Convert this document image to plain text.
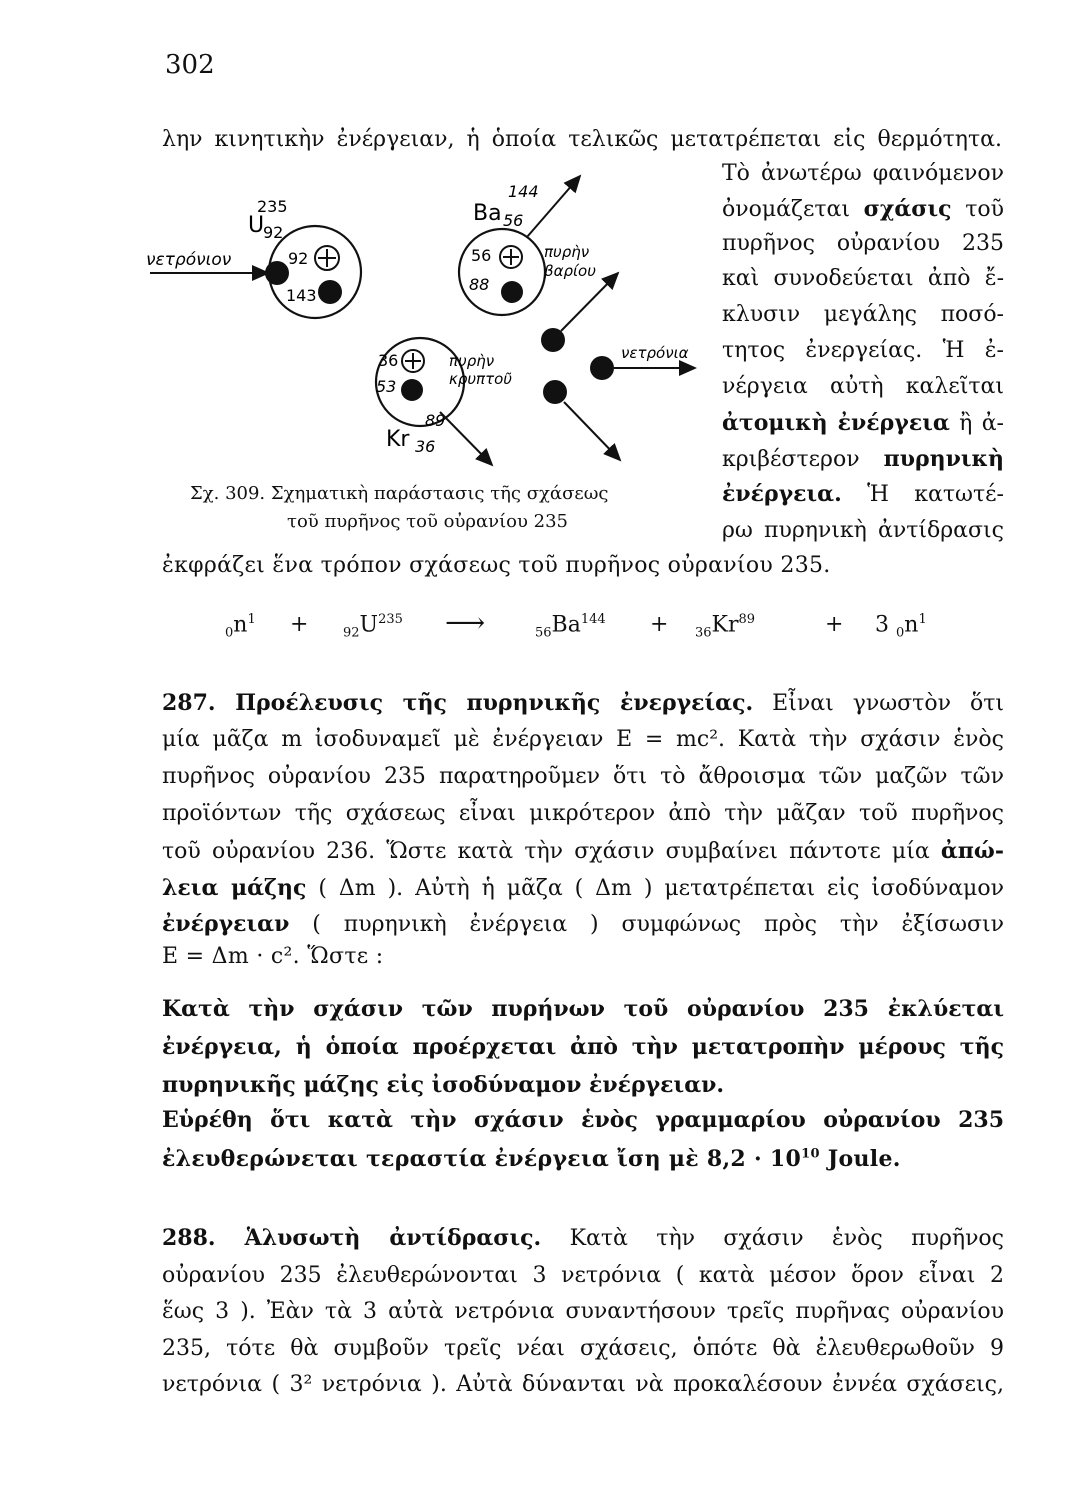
302
λην κινητικὴν ἐνέργειαν, ἡ ὁποία τελικῶς μετατρέπεται εἰς θερμότητα.
νετρόνιον
235
U
92
92
143
144
Ba 56
56
88
πυρὴν
βαρίου
36
53
πυρὴν
κρυπτοῦ
89
Kr 36
νετρόνια
Σχ. 309. Σχηματικὴ παράστασις τῆς σχάσεως
τοῦ πυρῆνος τοῦ οὐρανίου 235
Τὸ ἀνωτέρω φαινόμενον
ὀνομάζεται σχάσις τοῦ
πυρῆνος οὐρανίου 235
καὶ συνοδεύεται ἀπὸ ἔ-
κλυσιν μεγάλης ποσό-
τητος ἐνεργείας. Ἡ ἐ-
νέργεια αὐτὴ καλεῖται
ἀτομικὴ ἐνέργεια ἢ ἀ-
κριβέστερον πυρηνικὴ
ἐνέργεια. Ἡ κατωτέ-
ρω πυρηνικὴ ἀντίδρασις
ἐκφράζει ἕνα τρόπον σχάσεως τοῦ πυρῆνος οὐρανίου 235.
$_0n^1$ +	$_{92}U^{235}$ ⟶	$_{56}Ba^{144} + _{36}Kr^{89}$	+ 3 $_0n^1$
287. Προέλευσις τῆς πυρηνικῆς ἐνεργείας. Εἶναι γνωστὸν ὅτι
μία μᾶζα m ἰσοδυναμεῖ μὲ ἐνέργειαν E = mc². Κατὰ τὴν σχάσιν ἑνὸς
πυρῆνος οὐρανίου 235 παρατηροῦμεν ὅτι τὸ ἄθροισμα τῶν μαζῶν τῶν
προϊόντων τῆς σχάσεως εἶναι μικρότερον ἀπὸ τὴν μᾶζαν τοῦ πυρῆνος
τοῦ οὐρανίου 236. Ὥστε κατὰ τὴν σχάσιν συμβαίνει πάντοτε μία ἀπώ-
λεια μάζης ( Δm ). Αὐτὴ ἡ μᾶζα ( Δm ) μετατρέπεται εἰς ἰσοδύναμον
ἐνέργειαν ( πυρηνικὴ ἐνέργεια ) συμφώνως πρὸς τὴν ἐξίσωσιν
E = Δm · c². Ὥστε :
Κατὰ τὴν σχάσιν τῶν πυρήνων τοῦ οὐρανίου 235 ἐκλύεται ἐνέργεια, ἡ ὁποία προέρχεται ἀπὸ τὴν μετατροπὴν μέρους τῆς πυρηνικῆς μάζης εἰς ἰσοδύναμον ἐνέργειαν.
Εὑρέθη ὅτι κατὰ τὴν σχάσιν ἑνὸς γραμμαρίου οὐρανίου 235
ἐλευθερώνεται τεραστία ἐνέργεια ἴση μὲ $8,2 \cdot 10^{10}$ Joule.
288. Ἁλυσωτὴ ἀντίδρασις. Κατὰ τὴν σχάσιν ἑνὸς πυρῆνος
οὐρανίου 235 ἐλευθερώνονται 3 νετρόνια ( κατὰ μέσον ὅρον εἶναι 2
ἕως 3 ). Ἐὰν τὰ 3 αὐτὰ νετρόνια συναντήσουν τρεῖς πυρῆνας οὐρανίου
235, τότε θὰ συμβοῦν τρεῖς νέαι σχάσεις, ὁπότε θὰ ἐλευθερωθοῦν 9
νετρόνια ( 3² νετρόνια ). Αὐτὰ δύνανται νὰ προκαλέσουν ἐννέα σχάσεις,
